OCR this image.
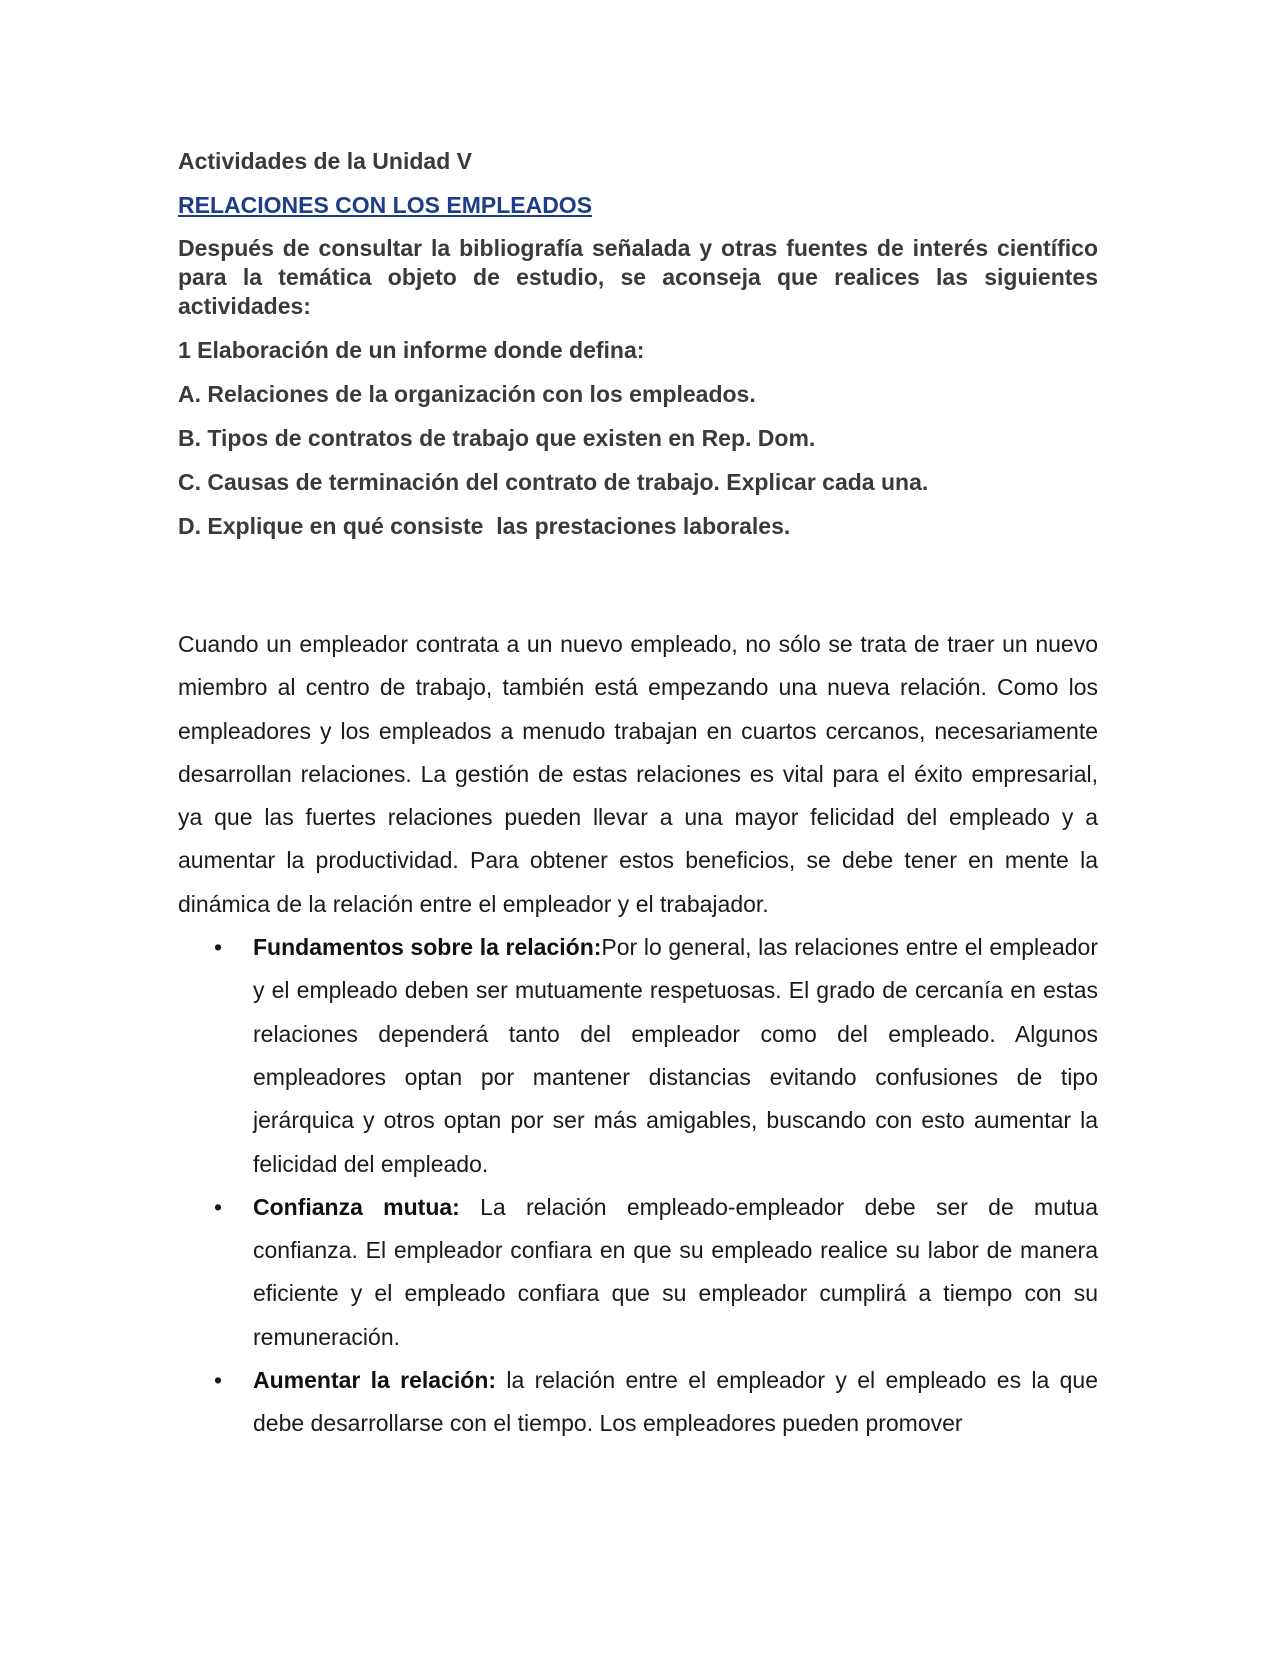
Actividades de la Unidad V
RELACIONES CON LOS EMPLEADOS
Después de consultar la bibliografía señalada y otras fuentes de interés científico para la temática objeto de estudio, se aconseja que realices las siguientes actividades:
1 Elaboración de un informe donde defina:
A. Relaciones de la organización con los empleados.
B. Tipos de contratos de trabajo que existen en Rep. Dom.
C. Causas de terminación del contrato de trabajo. Explicar cada una.
D. Explique en qué consiste  las prestaciones laborales.

Cuando un empleador contrata a un nuevo empleado, no sólo se trata de traer un nuevo miembro al centro de trabajo, también está empezando una nueva relación. Como los empleadores y los empleados a menudo trabajan en cuartos cercanos, necesariamente desarrollan relaciones. La gestión de estas relaciones es vital para el éxito empresarial, ya que las fuertes relaciones pueden llevar a una mayor felicidad del empleado y a aumentar la productividad. Para obtener estos beneficios, se debe tener en mente la dinámica de la relación entre el empleador y el trabajador.

• Fundamentos sobre la relación:Por lo general, las relaciones entre el empleador y el empleado deben ser mutuamente respetuosas. El grado de cercanía en estas relaciones dependerá tanto del empleador como del empleado. Algunos empleadores optan por mantener distancias evitando confusiones de tipo jerárquica y otros optan por ser más amigables, buscando con esto aumentar la felicidad del empleado.
• Confianza mutua: La relación empleado-empleador debe ser de mutua confianza. El empleador confiara en que su empleado realice su labor de manera eficiente y el empleado confiara que su empleador cumplirá a tiempo con su remuneración.
• Aumentar la relación: la relación entre el empleador y el empleado es la que debe desarrollarse con el tiempo. Los empleadores pueden promover
